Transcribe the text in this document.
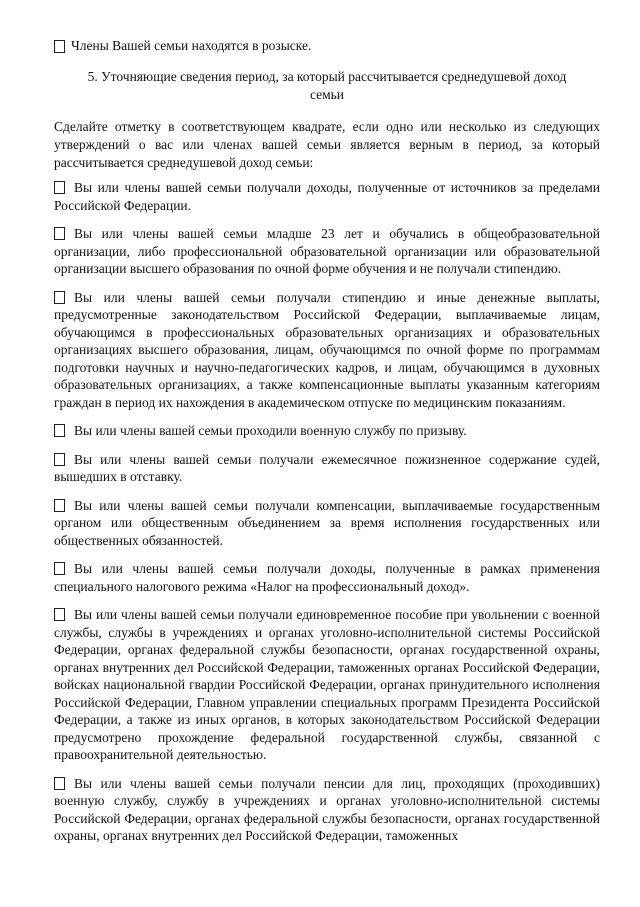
Члены Вашей семьи находятся в розыске.
5. Уточняющие сведения период, за который рассчитывается среднедушевой доход
семьи
Сделайте отметку в соответствующем квадрате, если одно или несколько из следующих утверждений о вас или членах вашей семьи является верным в период, за который рассчитывается среднедушевой доход семьи:

Вы или члены вашей семьи получали доходы, полученные от источников за пределами Российской Федерации.

Вы или члены вашей семьи младше 23 лет и обучались в общеобразовательной организации, либо профессиональной образовательной организации или образовательной организации высшего образования по очной форме обучения и не получали стипендию.

Вы или члены вашей семьи получали стипендию и иные денежные выплаты, предусмотренные законодательством Российской Федерации, выплачиваемые лицам, обучающимся в профессиональных образовательных организациях и образовательных организациях высшего образования, лицам, обучающимся по очной форме по программам подготовки научных и научно-педагогических кадров, и лицам, обучающимся в духовных образовательных организациях, а также компенсационные выплаты указанным категориям граждан в период их нахождения в академическом отпуске по медицинским показаниям.

Вы или члены вашей семьи проходили военную службу по призыву.

Вы или члены вашей семьи получали ежемесячное пожизненное содержание судей, вышедших в отставку.

Вы или члены вашей семьи получали компенсации, выплачиваемые государственным органом или общественным объединением за время исполнения государственных или общественных обязанностей.

Вы или члены вашей семьи получали доходы, полученные в рамках применения специального налогового режима «Налог на профессиональный доход».

Вы или члены вашей семьи получали единовременное пособие при увольнении с военной службы, службы в учреждениях и органах уголовно-исполнительной системы Российской Федерации, органах федеральной службы безопасности, органах государственной охраны, органах внутренних дел Российской Федерации, таможенных органах Российской Федерации, войсках национальной гвардии Российской Федерации, органах принудительного исполнения Российской Федерации, Главном управлении специальных программ Президента Российской Федерации, а также из иных органов, в которых законодательством Российской Федерации предусмотрено прохождение федеральной государственной службы, связанной с правоохранительной деятельностью.

Вы или члены вашей семьи получали пенсии для лиц, проходящих (проходивших) военную службу, службу в учреждениях и органах уголовно-исполнительной системы Российской Федерации, органах федеральной службы безопасности, органах государственной охраны, органах внутренних дел Российской Федерации, таможенных
